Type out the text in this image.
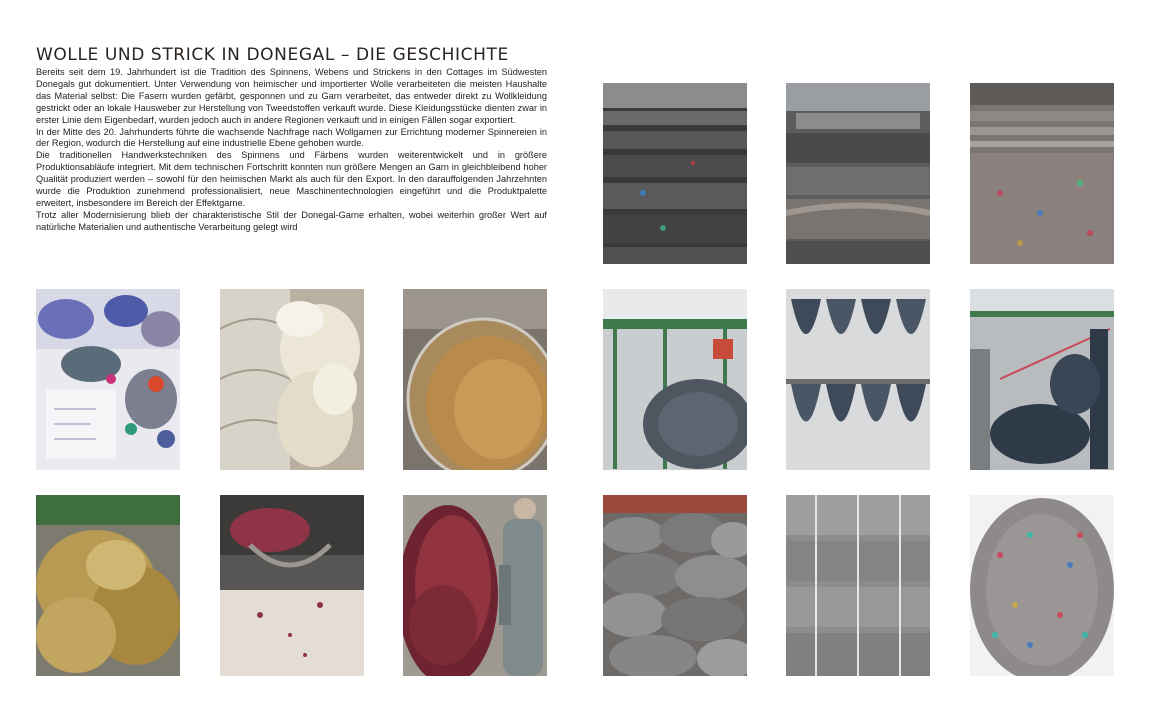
WOLLE UND STRICK IN DONEGAL – DIE GESCHICHTE

Bereits seit dem 19. Jahrhundert ist die Tradition des Spinnens, Webens und Strickens in den Cottages im Südwesten Donegals gut dokumentiert. Unter Verwendung von heimischer und importierter Wolle verarbeiteten die meisten Haushalte das Material selbst: Die Fasern wurden gefärbt, gesponnen und zu Garn verarbeitet, das entweder direkt zu Wollkleidung gestrickt oder an lokale Hausweber zur Herstellung von Tweedstoffen verkauft wurde. Diese Kleidungsstücke dienten zwar in erster Linie dem Eigenbedarf, wurden jedoch auch in andere Regionen verkauft und in einigen Fällen sogar exportiert.

In der Mitte des 20. Jahrhunderts führte die wachsende Nachfrage nach Wollgarnen zur Errichtung moderner Spinnereien in der Region, wodurch die Herstellung auf eine industrielle Ebene gehoben wurde.

Die traditionellen Handwerkstechniken des Spinnens und Färbens wurden weiterentwickelt und in größere Produktionsabläufe integriert. Mit dem technischen Fortschritt konnten nun größere Mengen an Garn in gleichbleibend hoher Qualität produziert werden – sowohl für den heimischen Markt als auch für den Export. In den darauffolgenden Jahrzehnten wurde die Produktion zunehmend professionalisiert, neue Maschinentechnologien eingeführt und die Produktpalette erweitert, insbesondere im Bereich der Effektgarne.

Trotz aller Modernisierung blieb der charakteristische Stil der Donegal-Garne erhalten, wobei weiterhin großer Wert auf natürliche Materialien und authentische Verarbeitung gelegt wird
